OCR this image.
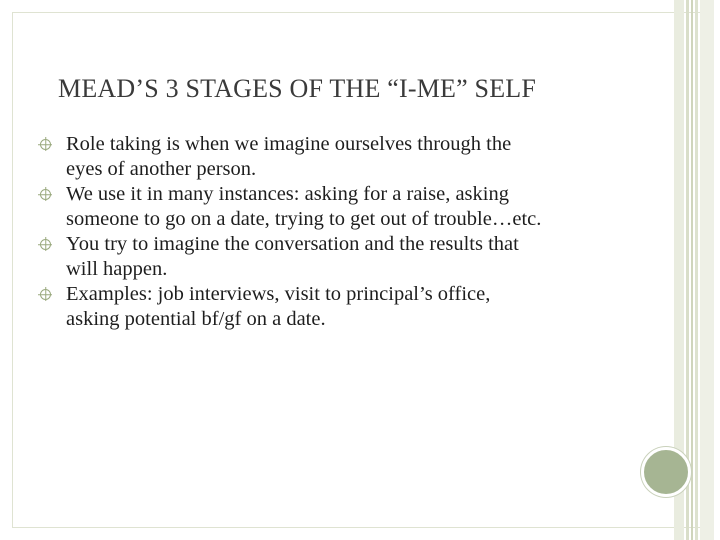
MEAD’S 3 STAGES OF THE “I-ME” SELF
Role taking is when we imagine ourselves through the
eyes of another person.
We use it in many instances: asking for a raise, asking
someone to go on a date, trying to get out of trouble…etc.
You try to imagine the conversation and the results that
will happen.
Examples: job interviews, visit to principal’s office,
asking potential bf/gf on a date.
